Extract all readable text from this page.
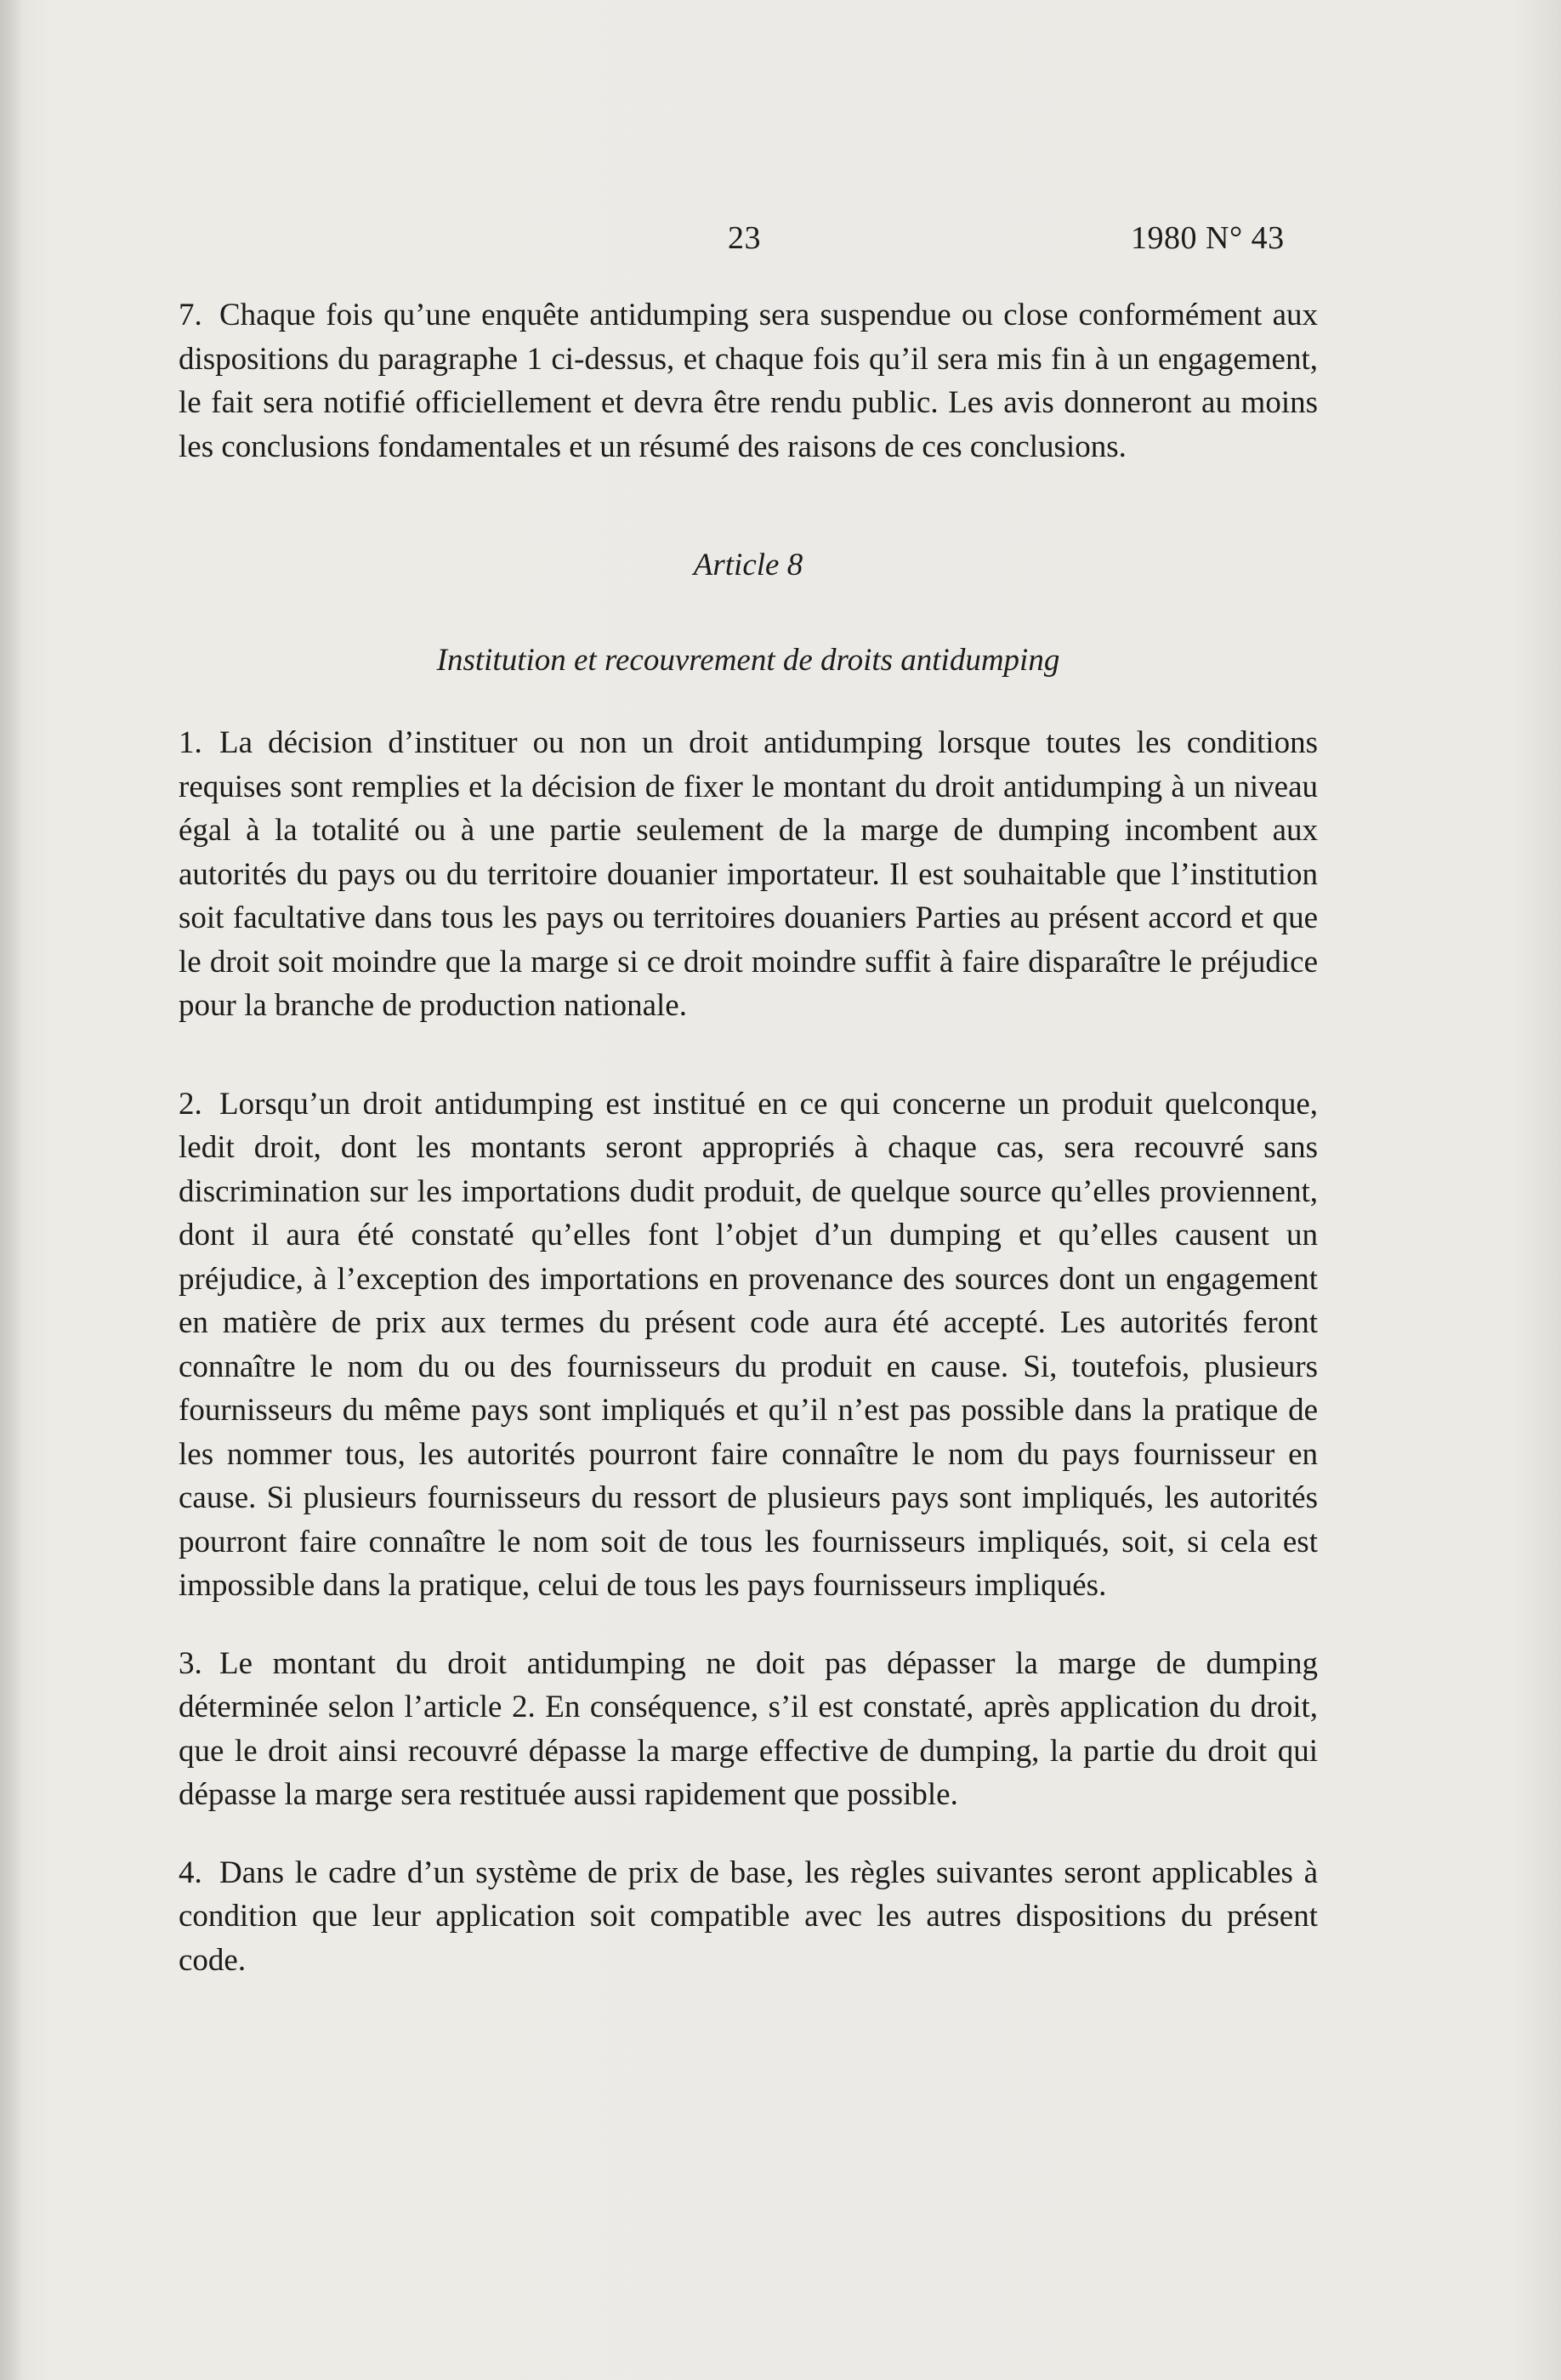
23	1980 N° 43

7. Chaque fois qu’une enquête antidumping sera suspendue ou close conformément aux dispositions du paragraphe 1 ci-dessus, et chaque fois qu’il sera mis fin à un engagement, le fait sera notifié officiellement et devra être rendu public. Les avis donneront au moins les conclusions fondamentales et un résumé des raisons de ces conclusions.

Article 8

Institution et recouvrement de droits antidumping

1. La décision d’instituer ou non un droit antidumping lorsque toutes les conditions requises sont remplies et la décision de fixer le montant du droit antidumping à un niveau égal à la totalité ou à une partie seulement de la marge de dumping incombent aux autorités du pays ou du territoire douanier importateur. Il est souhaitable que l’institution soit facultative dans tous les pays ou territoires douaniers Parties au présent accord et que le droit soit moindre que la marge si ce droit moindre suffit à faire disparaître le préjudice pour la branche de production nationale.

2. Lorsqu’un droit antidumping est institué en ce qui concerne un produit quelconque, ledit droit, dont les montants seront appropriés à chaque cas, sera recouvré sans discrimination sur les importations dudit produit, de quelque source qu’elles proviennent, dont il aura été constaté qu’elles font l’objet d’un dumping et qu’elles causent un préjudice, à l’exception des importations en provenance des sources dont un engagement en matière de prix aux termes du présent code aura été accepté. Les autorités feront connaître le nom du ou des fournisseurs du produit en cause. Si, toutefois, plusieurs fournisseurs du même pays sont impliqués et qu’il n’est pas possible dans la pratique de les nommer tous, les autorités pourront faire connaître le nom du pays fournisseur en cause. Si plusieurs fournisseurs du ressort de plusieurs pays sont impliqués, les autorités pourront faire connaître le nom soit de tous les fournisseurs impliqués, soit, si cela est impossible dans la pratique, celui de tous les pays fournisseurs impliqués.

3. Le montant du droit antidumping ne doit pas dépasser la marge de dumping déterminée selon l’article 2. En conséquence, s’il est constaté, après application du droit, que le droit ainsi recouvré dépasse la marge effective de dumping, la partie du droit qui dépasse la marge sera restituée aussi rapidement que possible.

4. Dans le cadre d’un système de prix de base, les règles suivantes seront applicables à condition que leur application soit compatible avec les autres dispositions du présent code.
